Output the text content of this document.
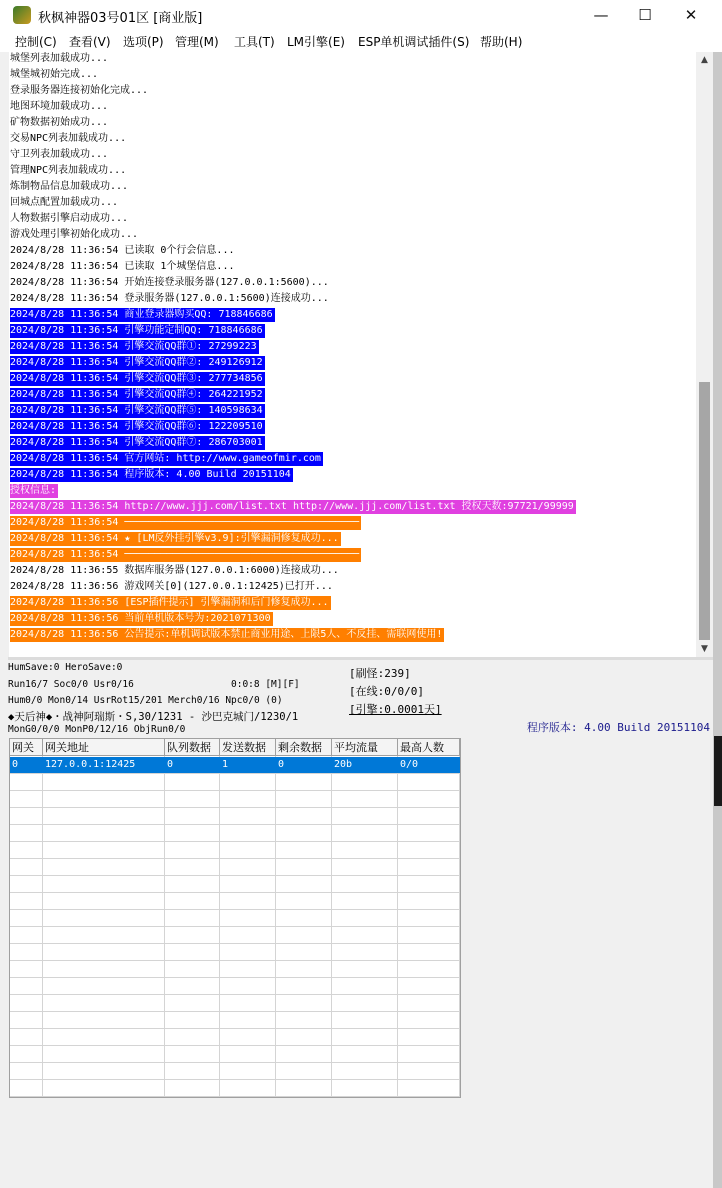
秋枫神器03号01区 [商业版]	—	☐	✕
控制(C) 查看(V) 选项(P) 管理(M) 工具(T) LM引擎(E) ESP单机调试插件(S) 帮助(H)
城堡列表加载成功...
城堡城初始完成...
登录服务器连接初始化完成...
地图环境加载成功...
矿物数据初始成功...
交易NPC列表加载成功...
守卫列表加载成功...
管理NPC列表加载成功...
炼制物品信息加载成功...
回城点配置加载成功...
人物数据引擎启动成功...
游戏处理引擎初始化成功...
2024/8/28 11:36:54 已读取 0个行会信息...
2024/8/28 11:36:54 已读取 1个城堡信息...
2024/8/28 11:36:54 开始连接登录服务器(127.0.0.1:5600)...
2024/8/28 11:36:54 登录服务器(127.0.0.1:5600)连接成功...
2024/8/28 11:36:54 商业登录器购买QQ: 718846686
2024/8/28 11:36:54 引擎功能定制QQ: 718846686
2024/8/28 11:36:54 引擎交流QQ群①: 27299223
2024/8/28 11:36:54 引擎交流QQ群②: 249126912
2024/8/28 11:36:54 引擎交流QQ群③: 277734856
2024/8/28 11:36:54 引擎交流QQ群④: 264221952
2024/8/28 11:36:54 引擎交流QQ群⑤: 140598634
2024/8/28 11:36:54 引擎交流QQ群⑥: 122209510
2024/8/28 11:36:54 引擎交流QQ群⑦: 286703001
2024/8/28 11:36:54 官方网站: http://www.gameofmir.com
2024/8/28 11:36:54 程序版本: 4.00 Build 20151104
授权信息:
2024/8/28 11:36:54 http://www.jjj.com/list.txt http://www.jjj.com/list.txt 授权天数:97721/99999
2024/8/28 11:36:54 ───────────────────────────────────────
2024/8/28 11:36:54 ★ [LM反外挂引擎v3.9]:引擎漏洞修复成功...
2024/8/28 11:36:54 ───────────────────────────────────────
2024/8/28 11:36:55 数据库服务器(127.0.0.1:6000)连接成功...
2024/8/28 11:36:56 游戏网关[0](127.0.0.1:12425)已打开...
2024/8/28 11:36:56 [ESP插件提示] 引擎漏洞和后门修复成功...
2024/8/28 11:36:56 当前单机版本号为:2021071300
2024/8/28 11:36:56 公告提示:单机调试版本禁止商业用途、上限5人、不反挂、需联网使用!
▲
▼
HumSave:0 HeroSave:0
Run16/7 Soc0/0 Usr0/16	0:0:8 [M][F]
Hum0/0 Mon0/14 UsrRot15/201 Merch0/16 Npc0/0 (0)
◆天后神◆・战神阿瑞斯・S,30/1231 - 沙巴克城门/1230/1
MonG0/0/0 MonP0/12/16 ObjRun0/0
[刷怪:239]
[在线:0/0/0]
[引擎:0.0001天]
程序版本: 4.00 Build 20151104
网关	网关地址	队列数据	发送数据	剩余数据	平均流量	最高人数
0	127.0.0.1:12425	0	1	0	20b	0/0
